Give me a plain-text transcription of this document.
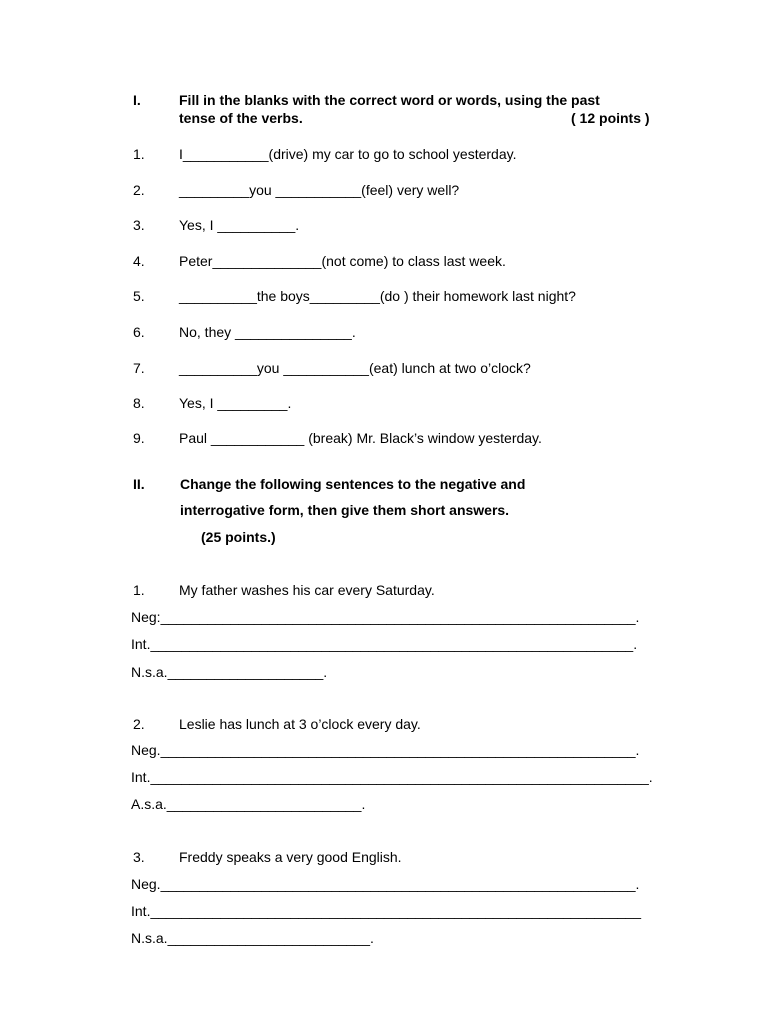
I.	Fill in the blanks with the correct word or words, using the past
tense of the verbs.	( 12 points )
1. I___________(drive) my car to go to school yesterday.
2. _________you ___________(feel) very well?
3. Yes, I __________.
4. Peter______________(not come) to class last week.
5. __________the boys_________(do ) their homework last night?
6. No, they _______________.
7. __________you ___________(eat) lunch at two o’clock?
8. Yes, I _________.
9. Paul ____________ (break) Mr. Black’s window yesterday.
II.	Change the following sentences to the negative and
interrogative form, then give them short answers.
(25 points.)
1. My father washes his car every Saturday.
Neg:_____________________________________________________________.
Int.______________________________________________________________.
N.s.a.____________________.
2. Leslie has lunch at 3 o’clock every day.
Neg._____________________________________________________________.
Int.________________________________________________________________.
A.s.a._________________________.
3. Freddy speaks a very good English.
Neg._____________________________________________________________.
Int._______________________________________________________________
N.s.a.__________________________.
